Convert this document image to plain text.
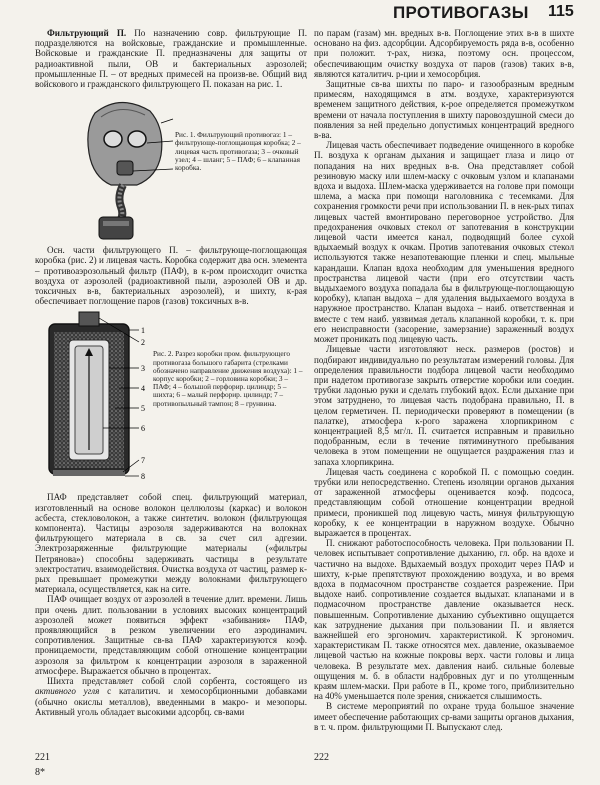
ПРОТИВОГАЗЫ 115

Фильтрующий П. По назначению совр. фильтрующие П. подразделяются на войсковые, гражданские и промышленные. Войсковые и гражданские П. предназначены для защиты от радиоактивной пыли, ОВ и бактериальных аэрозолей; промышленные П. – от вредных примесей на произв-ве. Общий вид войскового и гражданского фильтрующего П. показан на рис. 1.

Рис. 1. Фильтрующий противогаз: 1 – фильтрующе-поглощающая коробка; 2 – лицевая часть противогаза; 3 – очковый узел; 4 – шланг; 5 – ПАФ; 6 – клапанная коробка.

Осн. части фильтрующего П. – фильтрующе-поглощающая коробка (рис. 2) и лицевая часть. Коробка содержит два осн. элемента – противоаэрозольный фильтр (ПАФ), в к-ром происходит очистка воздуха от аэрозолей (радиоактивной пыли, аэрозолей ОВ и др. токсичных в-в, бактериальных аэрозолей), и шихту, к-рая обеспечивает поглощение паров (газов) токсичных в-в.

1
2
3
4
5
6
7
8
Рис. 2. Разрез коробки пром. фильтрующего противогаза большого габарита (стрелками обозначено направление движения воздуха): 1 – корпус коробки; 2 – горловина коробки; 3 – ПАФ; 4 – большой перфорир. цилиндр; 5 – шихта; 6 – малый перфорир. цилиндр; 7 – противопыльный тампон; 8 – грунвина.

ПАФ представляет собой спец. фильтрующий материал, изготовленный на основе волокон целлюлозы (каркас) и волокон асбеста, стекловолокон, а также синтетич. волокон (фильтрующая компонента). Частицы аэрозоля задерживаются на волокнах фильтрующего материала в св. за счет сил адгезии. Электрозаряженные фильтрующие материалы («фильтры Петрянова») способны задерживать частицы в результате электростатич. взаимодействия. Очистка воздуха от частиц, размер к-рых превышает промежутки между волокнами фильтрующего материала, осуществляется, как на сите.

ПАФ очищает воздух от аэрозолей в течение длит. времени. Лишь при очень длит. пользовании в условиях высоких концентраций аэрозолей может появиться эффект «забивания» ПАФ, проявляющийся в резком увеличении его аэродинамич. сопротивления. Защитные св-ва ПАФ характеризуются коэф. проницаемости, представляющим собой отношение концентрации аэрозоля за фильтром к концентрации аэрозоля в зараженной атмосфере. Выражается обычно в процентах.

Шихта представляет собой слой сорбента, состоящего из активного угля с каталитич. и хемосорбционными добавками (обычно окислы металлов), введенными в макро- и мезопоры. Активный уголь обладает высокими адсорбц. св-вами

по парам (газам) мн. вредных в-в. Поглощение этих в-в в шихте основано на физ. адсорбции. Адсорбируемость ряда в-в, особенно при положит. т-рах, низка, поэтому осн. процессом, обеспечивающим очистку воздуха от паров (газов) таких в-в, являются каталитич. р-ции и хемосорбция.

Защитные св-ва шихты по паро- и газообразным вредным примесям, находящимся в атм. воздухе, характеризуются временем защитного действия, к-рое определяется промежутком времени от начала поступления в шихту паровоздушной смеси до появления за ней предельно допустимых концентраций вредного в-ва.

Лицевая часть обеспечивает подведение очищенного в коробке П. воздуха к органам дыхания и защищает глаза и лицо от попадания на них вредных в-в. Она представляет собой резиновую маску или шлем-маску с очковым узлом и клапанами вдоха и выдоха. Шлем-маска удерживается на голове при помощи шлема, а маска при помощи наголовника с тесемками. Для сохранения громкости речи при использовании П. в нек-рых типах лицевых частей вмонтировано переговорное устройство. Для предохранения очковых стекол от запотевания в конструкции лицевой части имеется канал, подводящий более сухой вдыхаемый воздух к очкам. Против запотевания очковых стекол используются также незапотевающие пленки и спец. мыльные карандаши. Клапан вдоха необходим для уменьшения вредного пространства лицевой части (при его отсутствии часть выдыхаемого воздуха попадала бы в фильтрующе-поглощающую коробку), клапан выдоха – для удаления выдыхаемого воздуха в наружное пространство. Клапан выдоха – наиб. ответственная и вместе с тем наиб. уязвимая деталь клапанной коробки, т. к. при его неисправности (засорение, замерзание) зараженный воздух может проникать под лицевую часть.

Лицевые части изготовляют неск. размеров (ростов) и подбирают индивидуально по результатам измерений головы. Для определения правильности подбора лицевой части необходимо при надетом противогазе закрыть отверстие коробки или соедин. трубки ладонью руки и сделать глубокий вдох. Если дыхание при этом затруднено, то лицевая часть подобрана правильно, П. в целом герметичен. П. периодически проверяют в помещении (в палатке), атмосфера к-рого заражена хлорпикрином с концентрацией 8,5 мг/л. П. считается исправным и правильно подобранным, если в течение пятиминутного пребывания человека в этом помещении не ощущается раздражения глаз и запаха хлорпикрина.

Лицевая часть соединена с коробкой П. с помощью соедин. трубки или непосредственно. Степень изоляции органов дыхания от зараженной атмосферы оценивается коэф. подсоса, представляющим собой отношение концентрации вредной примеси, проникшей под лицевую часть, минуя фильтрующую коробку, к ее концентрации в наружном воздухе. Обычно выражается в процентах.

П. снижают работоспособность человека. При пользовании П. человек испытывает сопротивление дыханию, гл. обр. на вдохе и частично на выдохе. Вдыхаемый воздух проходит через ПАФ и шихту, к-рые препятствуют прохождению воздуха, и во время вдоха в подмасочном пространстве создается разрежение. При выдохе наиб. сопротивление создается выдыхат. клапанами и в подмасочном пространстве давление оказывается неск. повышенным. Сопротивление дыханию субъективно ощущается как затруднение дыхания при пользовании П. и является важнейшей его эргономич. характеристикой. К эргономич. характеристикам П. также относятся мех. давление, оказываемое лицевой частью на кожные покровы верх. части головы и лица человека. В результате мех. давления наиб. сильные болевые ощущения м. б. в области надбровных дуг и по утолщенным краям шлем-маски. При работе в П., кроме того, приблизительно на 40% уменьшается поле зрения, снижается слышимость.

В системе мероприятий по охране труда большое значение имеет обеспечение работающих ср-вами защиты органов дыхания, в т. ч. пром. фильтрующими П. Выпускают след.

221
8*
222
